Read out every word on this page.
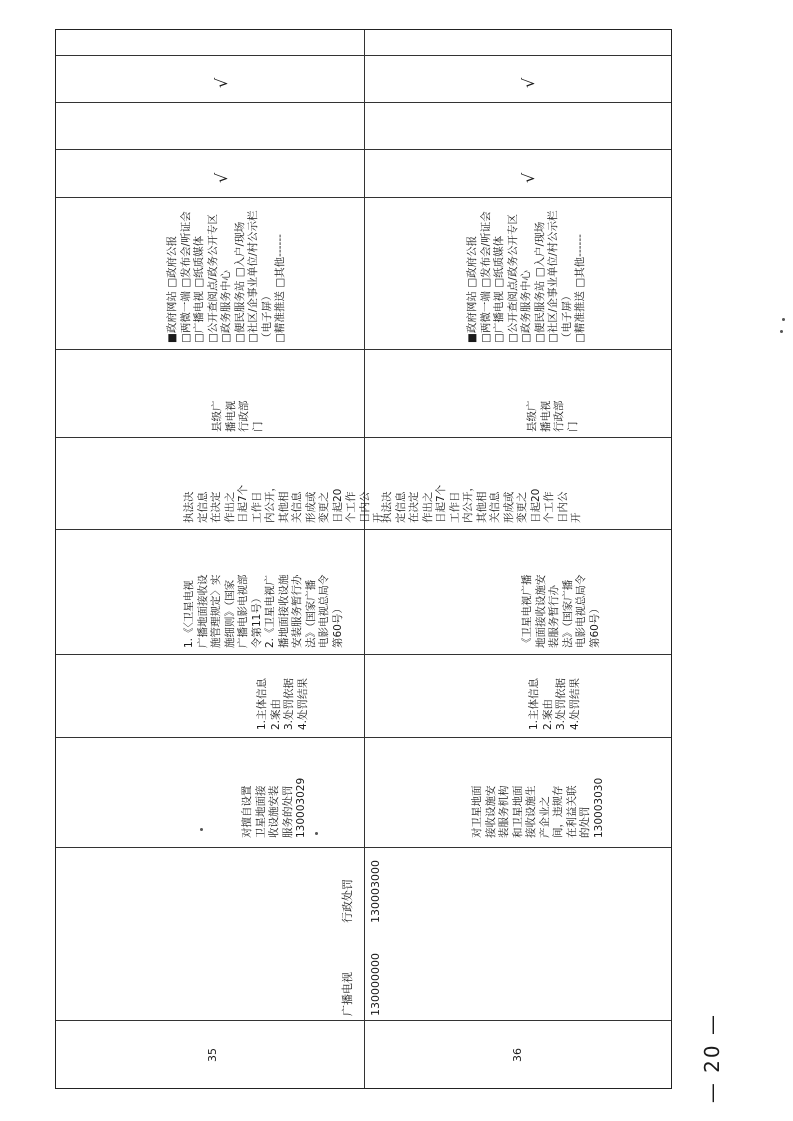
35
广播电视
行政处罚
对擅自设置 卫星地面接 收设施安装 服务的处罚 130003029
1.主体信息 2.案由 3.处罚依据 4.处罚结果
1.《〈卫星电视 广播地面接收设 施管理规定〉实 施细则》（国家 广播电影电视部 令第11号） 2.《卫星电视广 播地面接收设施 安装服务暂行办 法》（国家广播 电影电视总局令 第60号）
执法决 定信息 在决定 作出之 日起7个 工作日 内公开， 其他相 关信息 形成或 变更之 日起20 个工作 日内公 开
县级广 播电视 行政部 门
■政府网站 □政府公报 □两微一端 □发布会/听证会 □广播电视 □纸质媒体 □公开查阅点/政务公开专区 □政务服务中心 □便民服务站 □入户/现场 □社区/企事业单位/村公示栏 （电子屏） □精准推送 □其他------
√
√
36
130000000
130003000
对卫星地面 接收设施安 装服务机构 和卫星地面 接收设施生 产企业之 间，违规存 在利益关联 的处罚 130003030
1.主体信息 2.案由 3.处罚依据 4.处罚结果
《卫星电视广播 地面接收设施安 装服务暂行办 法》（国家广播 电影电视总局令 第60号）
执法决 定信息 在决定 作出之 日起7个 工作日 内公开， 其他相 关信息 形成或 变更之 日起20 个工作 日内公 开
县级广 播电视 行政部 门
■政府网站 □政府公报 □两微一端 □发布会/听证会 □广播电视 □纸质媒体 □公开查阅点/政务公开专区 □政务服务中心 □便民服务站 □入户/现场 □社区/企事业单位/村公示栏 （电子屏） □精准推送 □其他------
√
√
— 20 —
